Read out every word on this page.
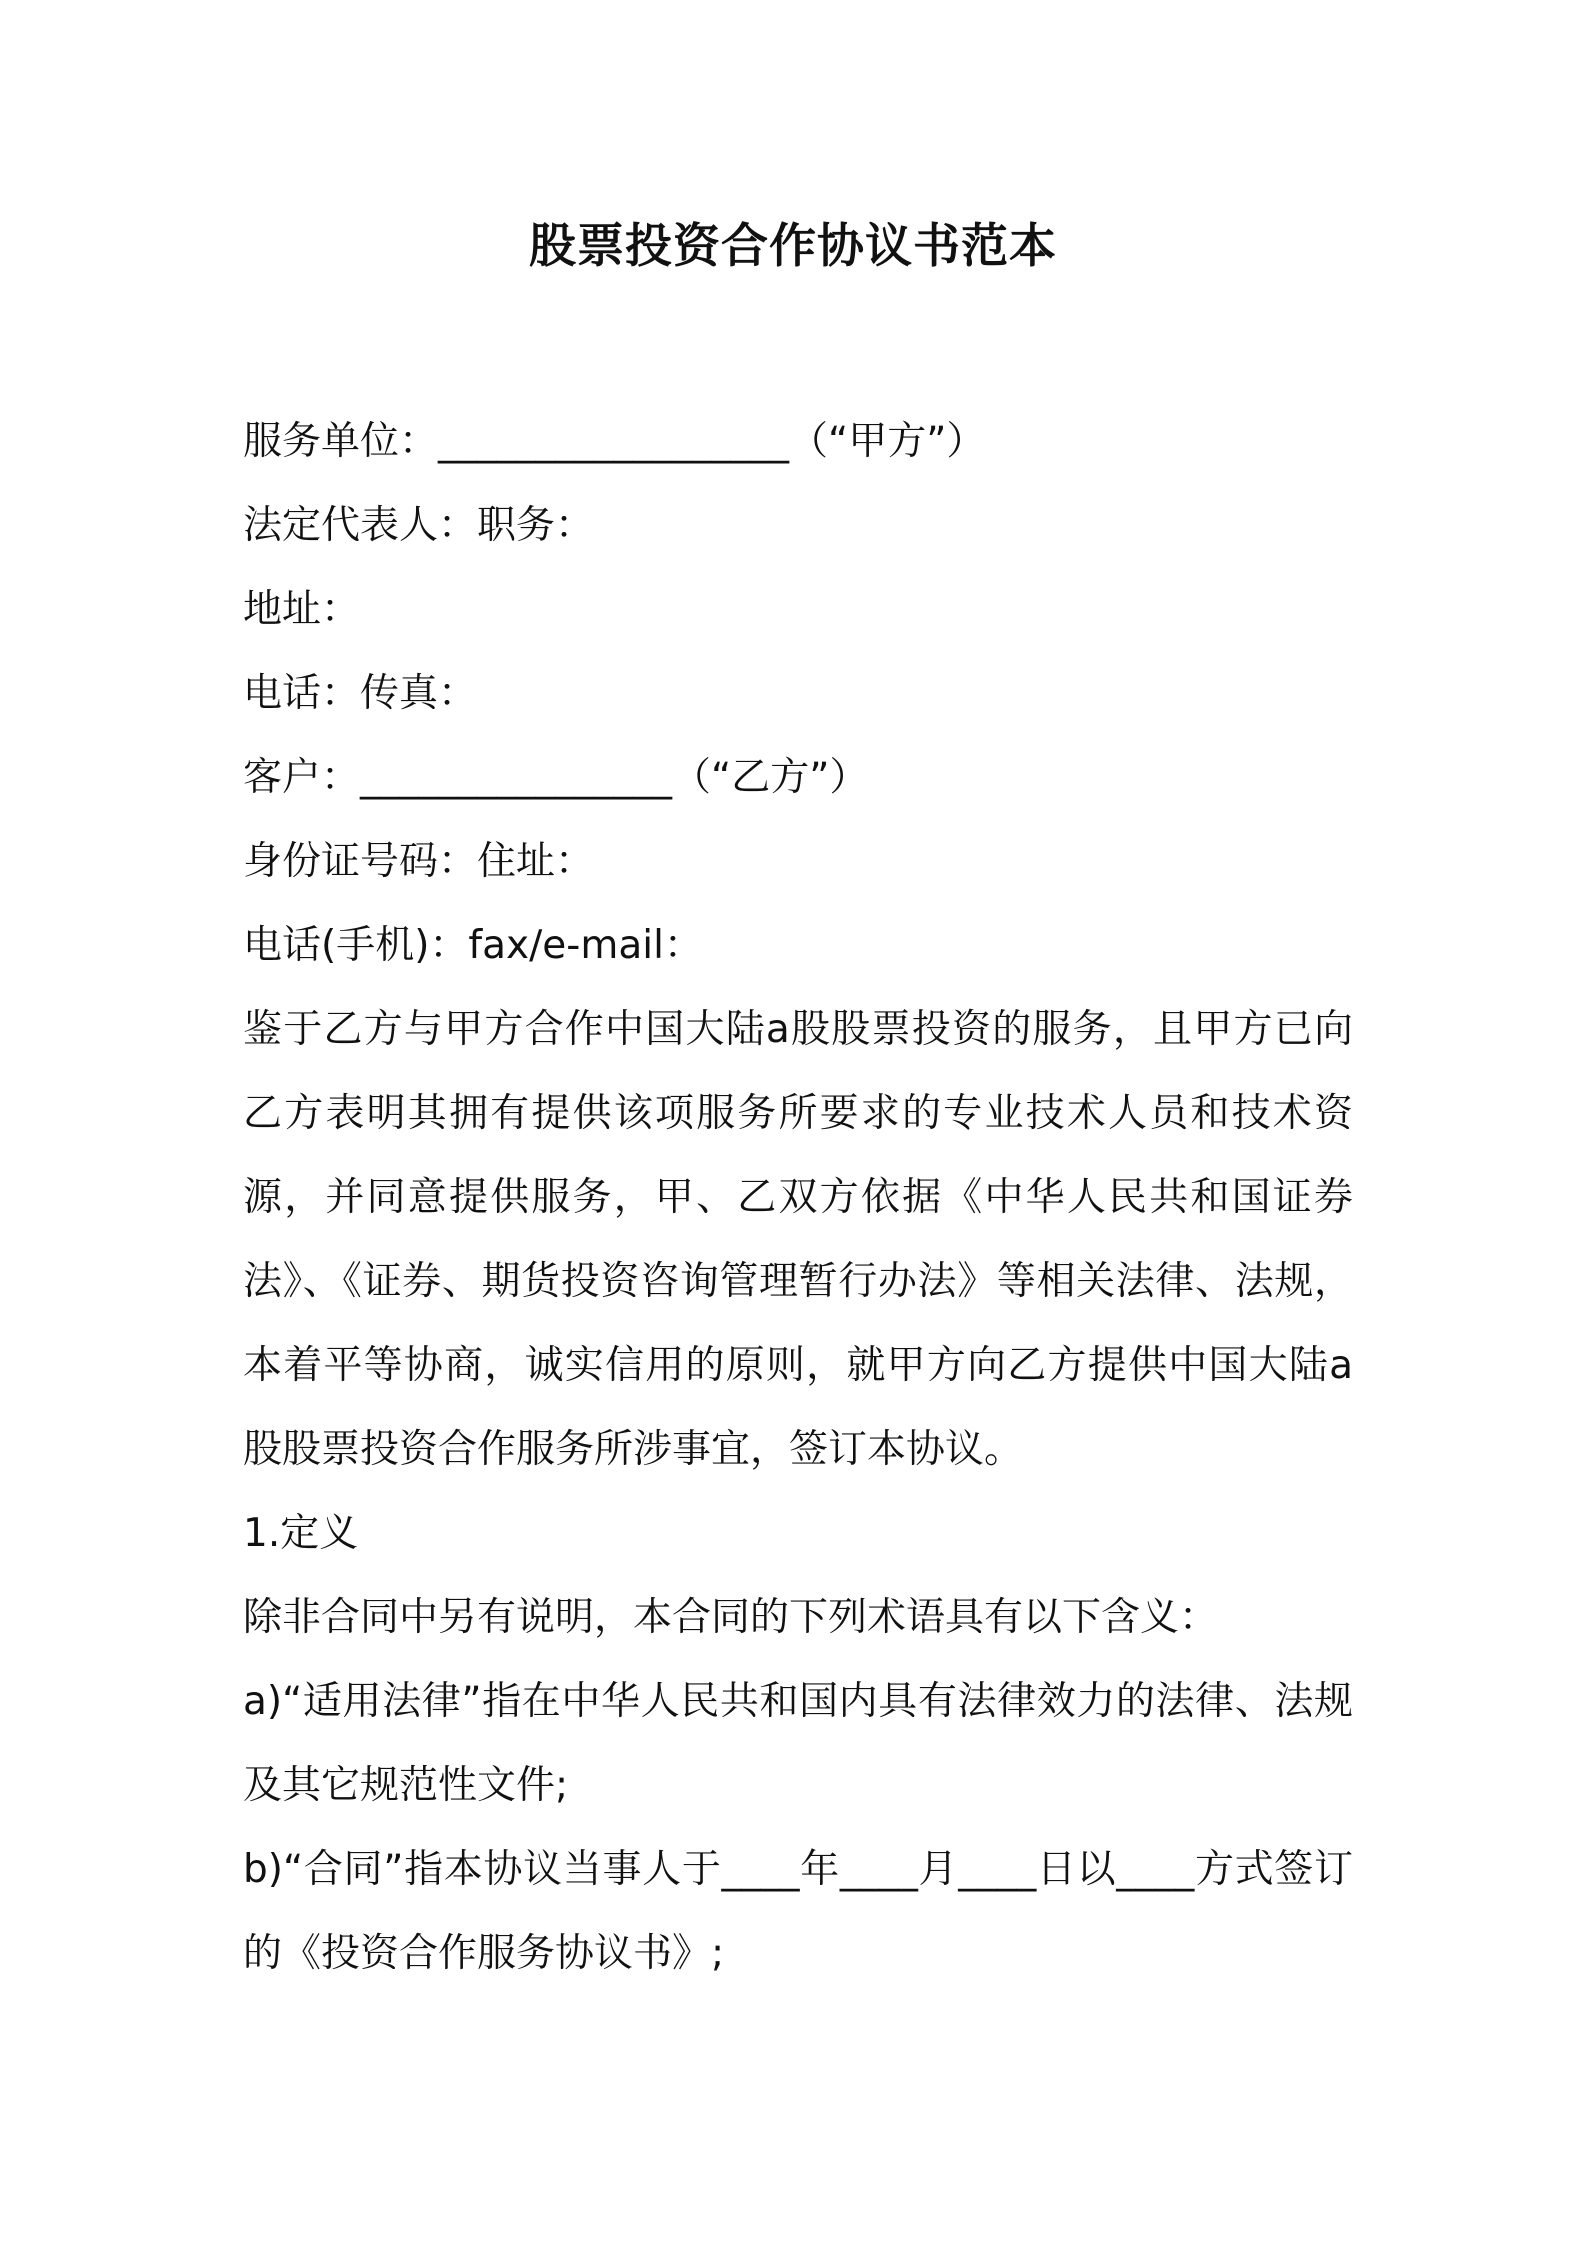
股票投资合作协议书范本
服务单位：__________________（“甲方”）
法定代表人：职务：
地址：
电话：传真：
客户：________________（“乙方”）
身份证号码：住址：
电话(手机)：fax/e-mail：
鉴于乙方与甲方合作中国大陆a股股票投资的服务，且甲方已向乙方表明其拥有提供该项服务所要求的专业技术人员和技术资源，并同意提供服务，甲、乙双方依据《中华人民共和国证券法》、《证券、期货投资咨询管理暂行办法》等相关法律、法规，本着平等协商，诚实信用的原则，就甲方向乙方提供中国大陆a股股票投资合作服务所涉事宜，签订本协议。
1.定义
除非合同中另有说明，本合同的下列术语具有以下含义：
a)“适用法律”指在中华人民共和国内具有法律效力的法律、法规及其它规范性文件;
b)“合同”指本协议当事人于____年____月____日以____方式签订的《投资合作服务协议书》;
